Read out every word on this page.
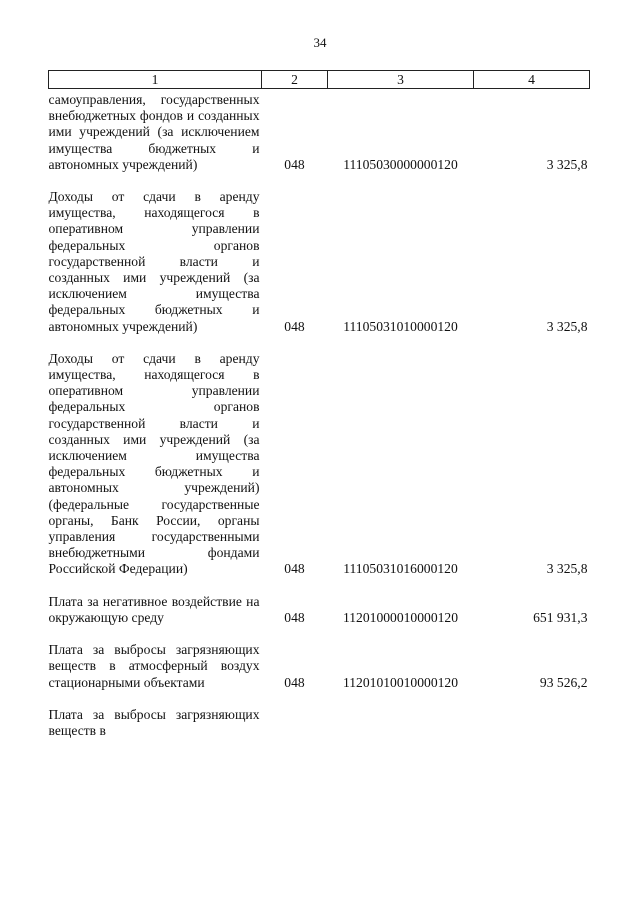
34
1	2	3	4
самоуправления, государственных внебюджетных фондов и созданных ими учреждений (за исключением имущества бюджетных и автономных учреждений)	048	11105030000000120	3 325,8
Доходы от сдачи в аренду имущества, находящегося в оперативном управлении федеральных органов государственной власти и созданных ими учреждений (за исключением имущества федеральных бюджетных и автономных учреждений)	048	11105031010000120	3 325,8
Доходы от сдачи в аренду имущества, находящегося в оперативном управлении федеральных органов государственной власти и созданных ими учреждений (за исключением имущества федеральных бюджетных и автономных учреждений) (федеральные государственные органы, Банк России, органы управления государственными внебюджетными фондами Российской Федерации)	048	11105031016000120	3 325,8
Плата за негативное воздействие на окружающую среду	048	11201000010000120	651 931,3
Плата за выбросы загрязняющих веществ в атмосферный воздух стационарными объектами	048	11201010010000120	93 526,2
Плата за выбросы загрязняющих веществ в			
